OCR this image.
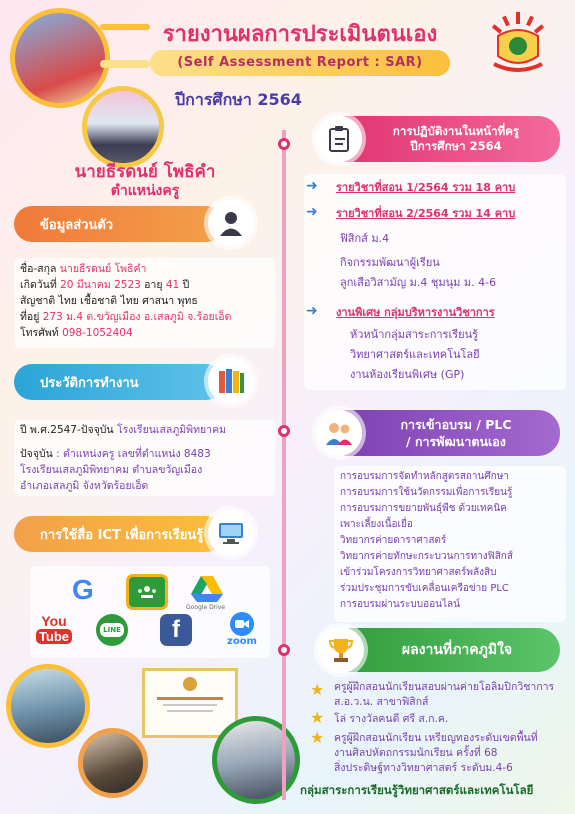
รายงานผลการประเมินตนเอง
(Self Assessment Report : SAR)
ปีการศึกษา 2564
นายธีรดนย์ โพธิคำ
ตำแหน่งครู
ข้อมูลส่วนตัว
ชื่อ-สกุล นายธีรดนย์ โพธิคำ
เกิดวันที่ 20 มีนาคม 2523 อายุ 41 ปี
สัญชาติ ไทย เชื้อชาติ ไทย ศาสนา พุทธ
ที่อยู่ 273 ม.4 ต.ขวัญเมือง อ.เสลภูมิ จ.ร้อยเอ็ด
โทรศัพท์ 098-1052404
ประวัติการทำงาน
ปี พ.ศ.2547-ปัจจุบัน โรงเรียนเสลภูมิพิทยาคม
ปัจจุบัน : ตำแหน่งครู เลขที่ตำแหน่ง 8483
โรงเรียนเสลภูมิพิทยาคม ตำบลขวัญเมือง
อำเภอเสลภูมิ จังหวัดร้อยเอ็ด
การใช้สื่อ ICT เพื่อการเรียนรู้
G
Google Drive
You
Tube	LINE	f	zoom
การปฏิบัติงานในหน้าที่ครู
ปีการศึกษา 2564
➜ รายวิชาที่สอน 1/2564 รวม 18 คาบ
➜ รายวิชาที่สอน 2/2564 รวม 14 คาบ
ฟิสิกส์ ม.4
กิจกรรมพัฒนาผู้เรียน
ลูกเสือวิสามัญ ม.4 ชุมนุม ม. 4-6
➜ งานพิเศษ กลุ่มบริหารงานวิชาการ
หัวหน้ากลุ่มสาระการเรียนรู้
วิทยาศาสตร์และเทคโนโลยี
งานห้องเรียนพิเศษ (GP)
การเข้าอบรม / PLC
/ การพัฒนาตนเอง
การอบรมการจัดทำหลักสูตรสถานศึกษา
การอบรมการใช้นวัตกรรมเพื่อการเรียนรู้
การอบรมการขยายพันธุ์พืช ด้วยเทคนิค
เพาะเลี้ยงเนื้อเยื่อ
วิทยากรค่ายดาราศาสตร์
วิทยากรค่ายทักษะกระบวนการทางฟิสิกส์
เข้าร่วมโครงการวิทยาศาสตร์พลังสิบ
ร่วมประชุมการขับเคลื่อนเครือข่าย PLC
การอบรมผ่านระบบออนไลน์
ผลงานที่ภาคภูมิใจ
★ ครูผู้ฝึกสอนนักเรียนสอบผ่านค่ายโอลิมปิกวิชาการ
ส.อ.ว.น. สาขาฟิสิกส์
★ โล่ รางวัลคนดี ศรี ส.ก.ค.
★ ครูผู้ฝึกสอนนักเรียน เหรียญทองระดับเขตพื้นที่
งานศิลปหัตถกรรมนักเรียน ครั้งที่ 68
สิ่งประดิษฐ์ทางวิทยาศาสตร์ ระดับม.4-6
กลุ่มสาระการเรียนรู้วิทยาศาสตร์และเทคโนโลยี
